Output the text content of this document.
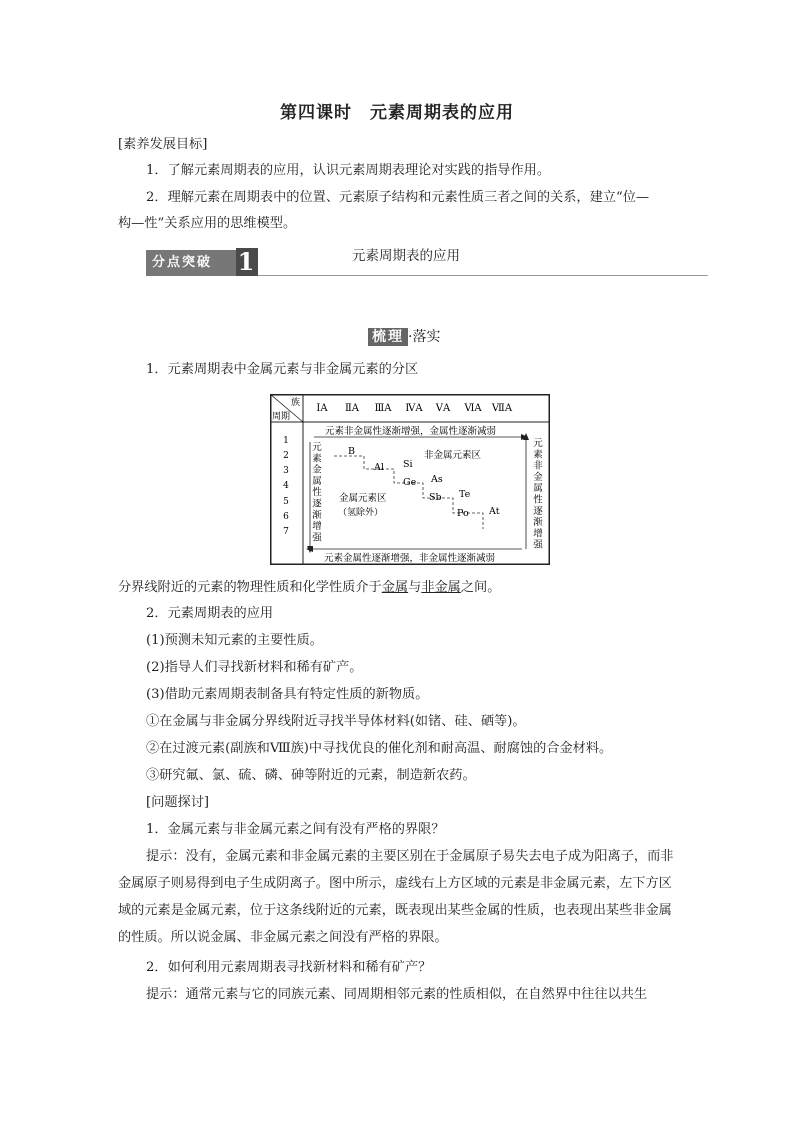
第四课时 元素周期表的应用
[素养发展目标]
1．了解元素周期表的应用，认识元素周期表理论对实践的指导作用。
2．理解元素在周期表中的位置、元素原子结构和元素性质三者之间的关系，建立“位—
构—性”关系应用的思维模型。
分点突破 1	元素周期表的应用
梳理 ·落实
1．元素周期表中金属元素与非金属元素的分区
族
周期
ⅠA ⅡA ⅢA ⅣA ⅤA ⅥA ⅦA
1
2
3
4
5
6
7
元素非金属性逐渐增强，金属性逐渐减弱
元素金属性逐渐增强，非金属性逐渐减弱
元
素
金
属
性
逐
渐
增
强
元
素
非
金
属
性
逐
渐
增
强
B
Al Si
Ge As
Sb Te
Po At
非金属元素区
金属元素区
（氢除外）
分界线附近的元素的物理性质和化学性质介于金属与非金属之间。
2．元素周期表的应用
(1)预测未知元素的主要性质。
(2)指导人们寻找新材料和稀有矿产。
(3)借助元素周期表制备具有特定性质的新物质。
①在金属与非金属分界线附近寻找半导体材料(如锗、硅、硒等)。
②在过渡元素(副族和Ⅷ族)中寻找优良的催化剂和耐高温、耐腐蚀的合金材料。
③研究氟、氯、硫、磷、砷等附近的元素，制造新农药。
[问题探讨]
1．金属元素与非金属元素之间有没有严格的界限？
提示：没有，金属元素和非金属元素的主要区别在于金属原子易失去电子成为阳离子，而非金属原子则易得到电子生成阴离子。图中所示，虚线右上方区域的元素是非金属元素，左下方区域的元素是金属元素，位于这条线附近的元素，既表现出某些金属的性质，也表现出某些非金属的性质。所以说金属、非金属元素之间没有严格的界限。
2．如何利用元素周期表寻找新材料和稀有矿产？
提示：通常元素与它的同族元素、同周期相邻元素的性质相似，在自然界中往往以共生
